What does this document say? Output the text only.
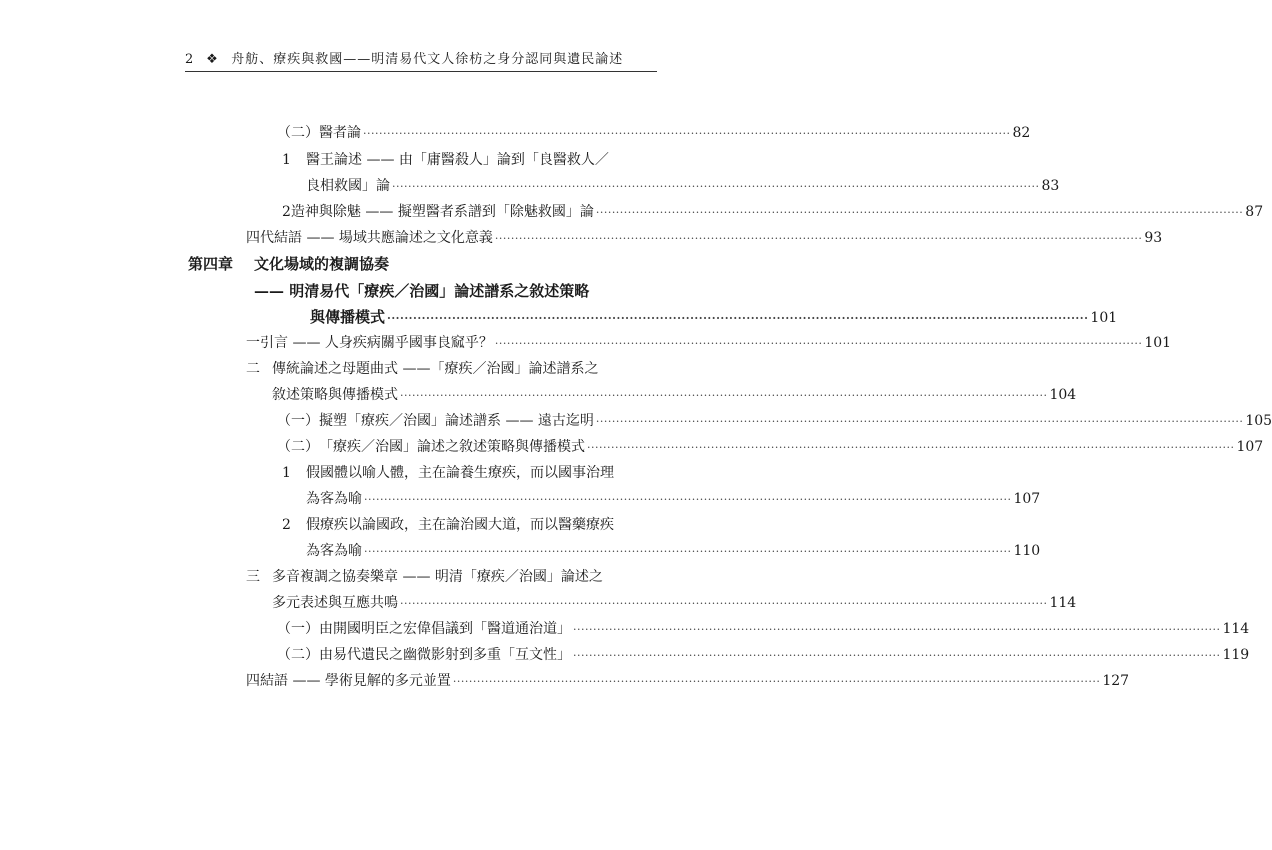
2 ❖ 舟舫、療疾與救國——明清易代文人徐枋之身分認同與遺民論述
（二） 醫者論 ·····	82
1	醫王論述 —— 由「庸醫殺人」論到「良醫救人／
良相救國」論 ·····	83
2 造神與除魅 —— 擬塑醫者系譜到「除魅救國」論 ·····	87
四 代結語 —— 場域共應論述之文化意義 ·····	93
第四章	文化場域的複調協奏
—— 明清易代「療疾／治國」論述譜系之敘述策略
與傳播模式 ·····	101
一 引言 —— 人身疾病關乎國事良窳乎？ ·····	101
二 傳統論述之母題曲式 ——「療疾／治國」論述譜系之
敘述策略與傳播模式 ·····	104
（一） 擬塑「療疾／治國」論述譜系 —— 遠古迄明 ·····	105
（二） 「療疾／治國」論述之敘述策略與傳播模式 ·····	107
1	假國體以喻人體，主在論養生療疾，而以國事治理
為客為喻 ·····	107
2	假療疾以論國政，主在論治國大道，而以醫藥療疾
為客為喻 ·····	110
三 多音複調之協奏樂章 —— 明清「療疾／治國」論述之
多元表述與互應共鳴 ·····	114
（一） 由開國明臣之宏偉倡議到「醫道通治道」 ·····	114
（二） 由易代遺民之幽微影射到多重「互文性」 ·····	119
四 結語 —— 學術見解的多元並置 ·····	127
